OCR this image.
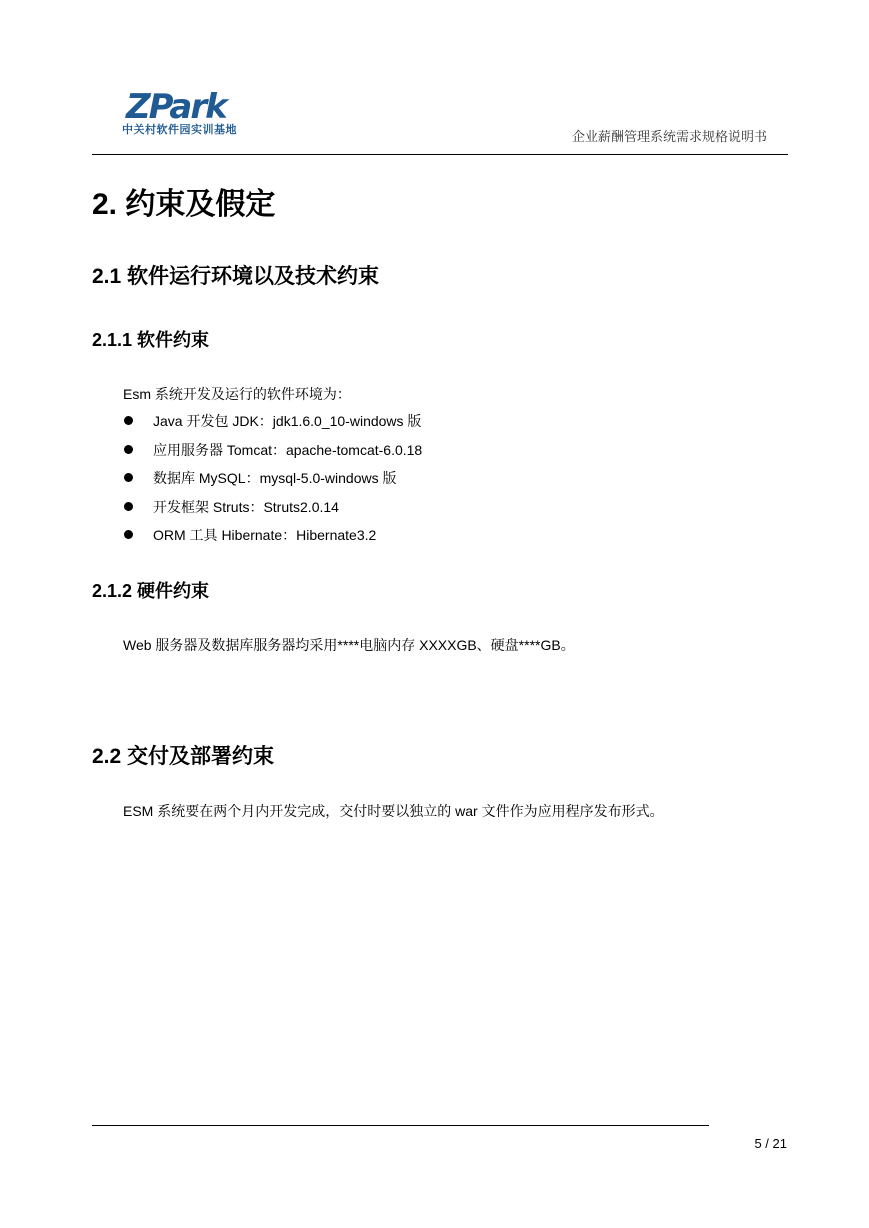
ZPark
中关村软件园实训基地	企业薪酬管理系统需求规格说明书
2. 约束及假定
2.1 软件运行环境以及技术约束
2.1.1 软件约束
Esm 系统开发及运行的软件环境为：
Java 开发包 JDK：jdk1.6.0_10-windows 版
应用服务器 Tomcat：apache-tomcat-6.0.18
数据库 MySQL：mysql-5.0-windows 版
开发框架 Struts：Struts2.0.14
ORM 工具 Hibernate：Hibernate3.2
2.1.2 硬件约束
Web 服务器及数据库服务器均采用****电脑内存 XXXXGB、硬盘****GB。
2.2 交付及部署约束
ESM 系统要在两个月内开发完成，交付时要以独立的 war 文件作为应用程序发布形式。
5 / 21
